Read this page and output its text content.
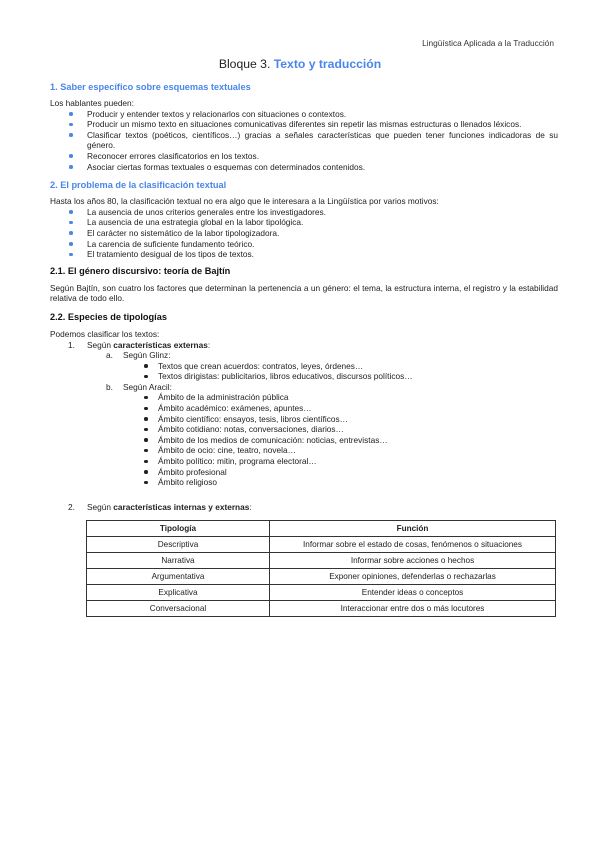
Lingüística Aplicada a la Traducción
Bloque 3. Texto y traducción
1. Saber específico sobre esquemas textuales

Los hablantes pueden:

Producir y entender textos y relacionarlos con situaciones o contextos.
Producir un mismo texto en situaciones comunicativas diferentes sin repetir las mismas estructuras o llenados léxicos.
Clasificar textos (poéticos, científicos…) gracias a señales características que pueden tener funciones indicadoras de su género.
Reconocer errores clasificatorios en los textos.
Asociar ciertas formas textuales o esquemas con determinados contenidos.
2. El problema de la clasificación textual

Hasta los años 80, la clasificación textual no era algo que le interesara a la Lingüística por varios motivos:

La ausencia de unos criterios generales entre los investigadores.
La ausencia de una estrategia global en la labor tipológica.
El carácter no sistemático de la labor tipologizadora.
La carencia de suficiente fundamento teórico.
El tratamiento desigual de los tipos de textos.
2.1. El género discursivo: teoría de Bajtín

Según Bajtín, son cuatro los factores que determinan la pertenencia a un género: el tema, la estructura interna, el registro y la estabilidad relativa de todo ello.

2.2. Especies de tipologías

Podemos clasificar los textos:

1. Según características externas:
a. Según Glinz:
Textos que crean acuerdos: contratos, leyes, órdenes…
Textos dirigistas: publicitarios, libros educativos, discursos políticos…
b. Según Aracil:
Ámbito de la administración pública
Ámbito académico: exámenes, apuntes…
Ámbito científico: ensayos, tesis, libros científicos…
Ámbito cotidiano: notas, conversaciones, diarios…
Ámbito de los medios de comunicación: noticias, entrevistas…
Ámbito de ocio: cine, teatro, novela…
Ámbito político: mitin, programa electoral…
Ámbito profesional
Ámbito religioso
2. Según características internas y externas:
Tipología	Función
Descriptiva	Informar sobre el estado de cosas, fenómenos o situaciones
Narrativa	Informar sobre acciones o hechos
Argumentativa	Exponer opiniones, defenderlas o rechazarlas
Explicativa	Entender ideas o conceptos
Conversacional	Interaccionar entre dos o más locutores
